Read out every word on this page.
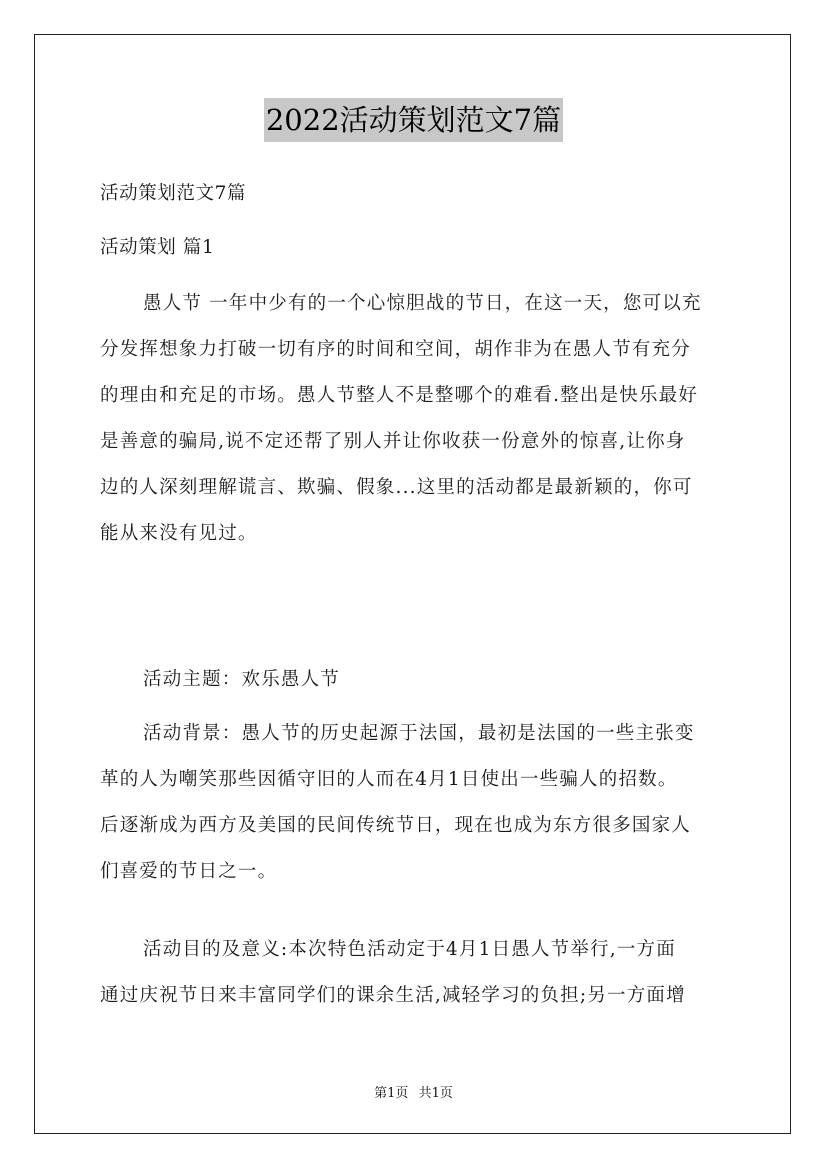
2022活动策划范文7篇
活动策划范文7篇
活动策划 篇1
愚人节 一年中少有的一个心惊胆战的节日，在这一天，您可以充
分发挥想象力打破一切有序的时间和空间，胡作非为在愚人节有充分
的理由和充足的市场。愚人节整人不是整哪个的难看.整出是快乐最好
是善意的骗局,说不定还帮了别人并让你收获一份意外的惊喜,让你身
边的人深刻理解谎言、欺骗、假象...这里的活动都是最新颖的，你可
能从来没有见过。
活动主题：欢乐愚人节
活动背景：愚人节的历史起源于法国，最初是法国的一些主张变
革的人为嘲笑那些因循守旧的人而在4月1日使出一些骗人的招数。
后逐渐成为西方及美国的民间传统节日，现在也成为东方很多国家人
们喜爱的节日之一。
活动目的及意义:本次特色活动定于4月1日愚人节举行,一方面
通过庆祝节日来丰富同学们的课余生活,减轻学习的负担;另一方面增
第1页 共1页
